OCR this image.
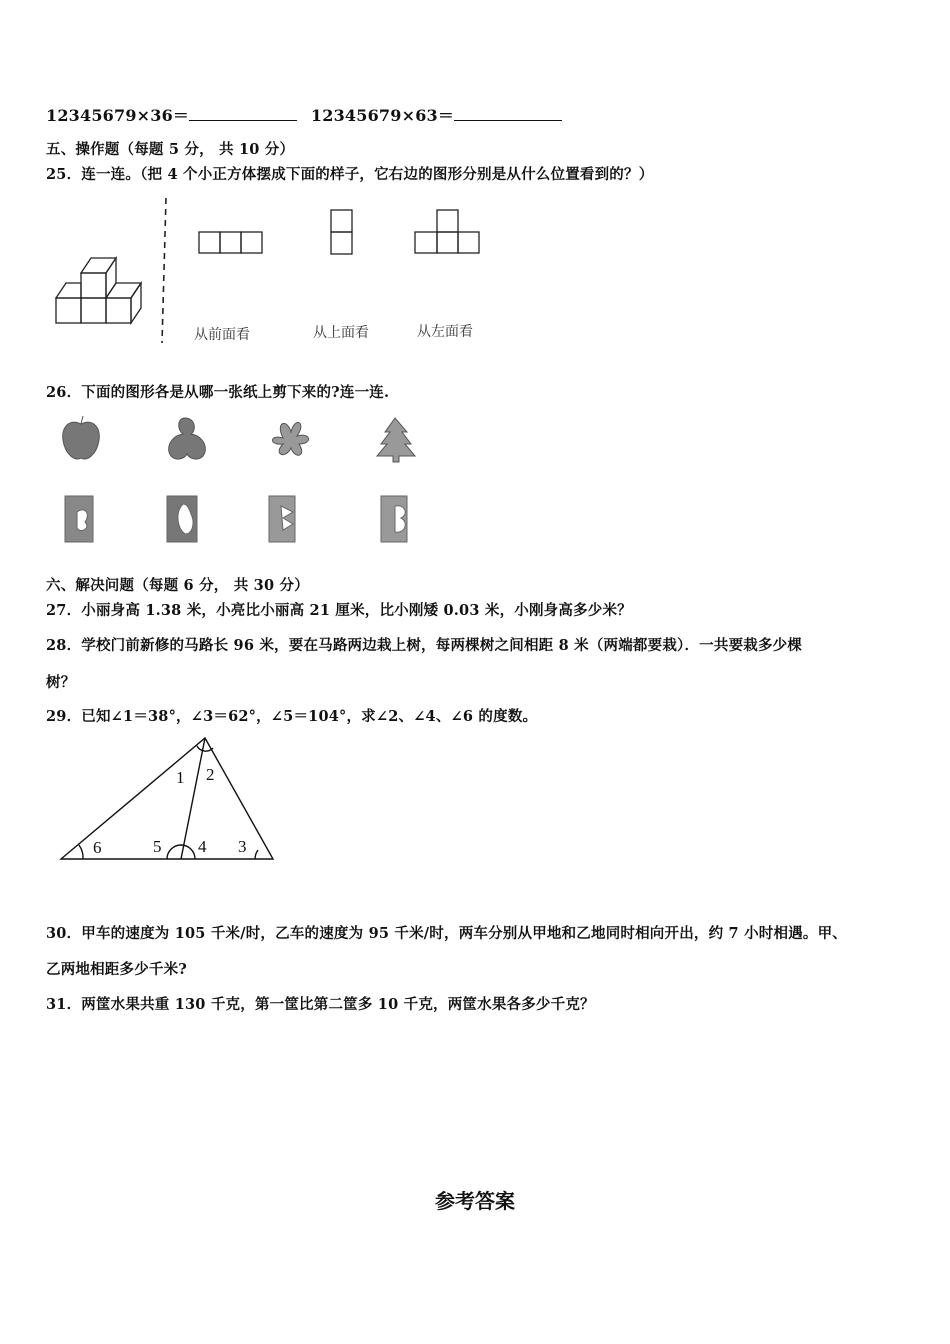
12345679×36＝	12345679×63＝
五、操作题（每题 5 分， 共 10 分）
25．连一连。（把 4 个小正方体摆成下面的样子，它右边的图形分别是从什么位置看到的？）
从前面看	从上面看	从左面看
26．下面的图形各是从哪一张纸上剪下来的?连一连.
六、解决问题（每题 6 分， 共 30 分）
27．小丽身高 1.38 米，小亮比小丽高 21 厘米，比小刚矮 0.03 米，小刚身高多少米？
28．学校门前新修的马路长 96 米，要在马路两边栽上树，每两棵树之间相距 8 米（两端都要栽）．一共要栽多少棵
树？
29．已知∠1＝38°，∠3＝62°，∠5＝104°，求∠2、∠4、∠6 的度数。
1 2
6	5 4 3
30．甲车的速度为 105 千米/时，乙车的速度为 95 千米/时，两车分别从甲地和乙地同时相向开出，约 7 小时相遇。甲、
乙两地相距多少千米?
31．两筐水果共重 130 千克，第一筐比第二筐多 10 千克，两筐水果各多少千克？
参考答案
